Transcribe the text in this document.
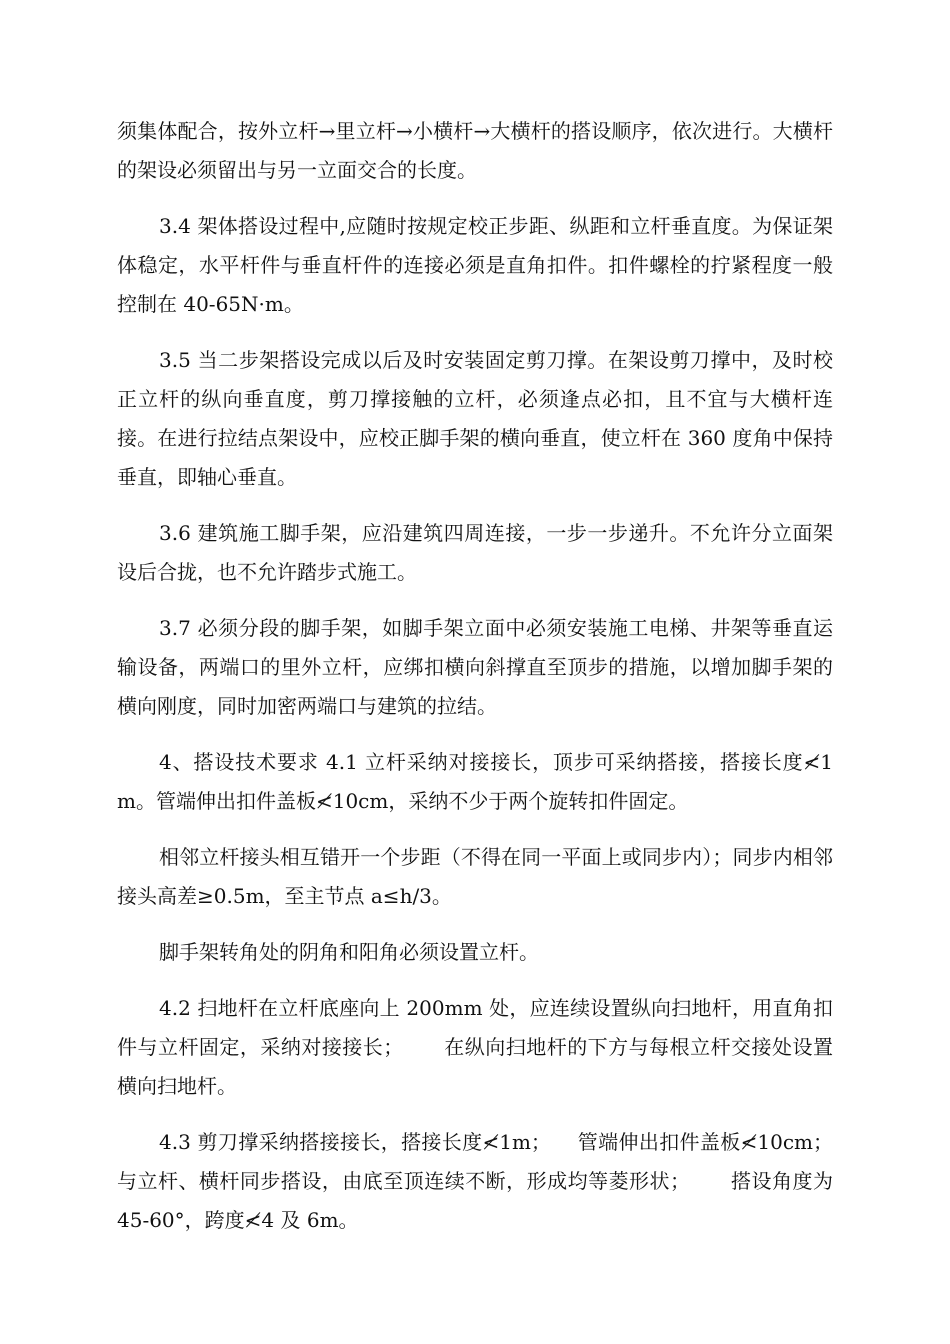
须集体配合，按外立杆→里立杆→小横杆→大横杆的搭设顺序，依次进行。大横杆的架设必须留出与另一立面交合的长度。

3.4 架体搭设过程中,应随时按规定校正步距、纵距和立杆垂直度。为保证架体稳定，水平杆件与垂直杆件的连接必须是直角扣件。扣件螺栓的拧紧程度一般控制在 40-65N·m。

3.5 当二步架搭设完成以后及时安装固定剪刀撑。在架设剪刀撑中，及时校正立杆的纵向垂直度，剪刀撑接触的立杆，必须逢点必扣，且不宜与大横杆连接。在进行拉结点架设中，应校正脚手架的横向垂直，使立杆在 360 度角中保持垂直，即轴心垂直。

3.6 建筑施工脚手架，应沿建筑四周连接，一步一步递升。不允许分立面架设后合拢，也不允许踏步式施工。

3.7 必须分段的脚手架，如脚手架立面中必须安装施工电梯、井架等垂直运输设备，两端口的里外立杆，应绑扣横向斜撑直至顶步的措施，以增加脚手架的横向刚度，同时加密两端口与建筑的拉结。

4、搭设技术要求 4.1 立杆采纳对接接长，顶步可采纳搭接，搭接长度≮1m。管端伸出扣件盖板≮10cm，采纳不少于两个旋转扣件固定。

相邻立杆接头相互错开一个步距（不得在同一平面上或同步内）；同步内相邻接头高差≥0.5m，至主节点 a≤h/3。

脚手架转角处的阴角和阳角必须设置立杆。

4.2 扫地杆在立杆底座向上 200mm 处，应连续设置纵向扫地杆，用直角扣件与立杆固定，采纳对接接长；      在纵向扫地杆的下方与每根立杆交接处设置横向扫地杆。

4.3 剪刀撑采纳搭接接长，搭接长度≮1m；    管端伸出扣件盖板≮10cm；      与立杆、横杆同步搭设，由底至顶连续不断，形成均等菱形状；      搭设角度为 45-60°，跨度≮4 及 6m。
